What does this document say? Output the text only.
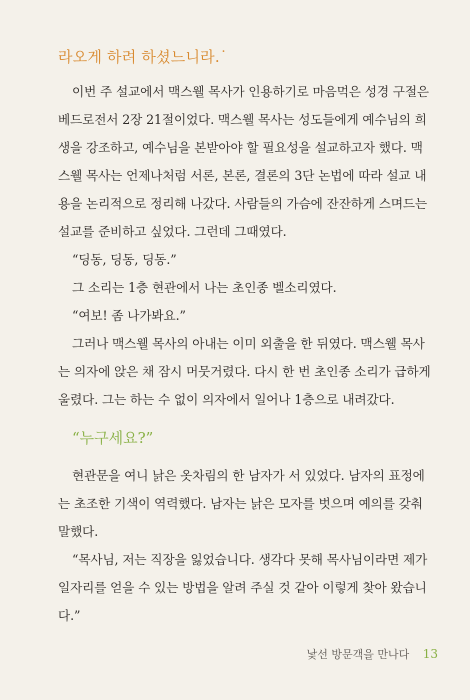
라오게 하려 하셨느니라.˙
이번 주 설교에서 맥스웰 목사가 인용하기로 마음먹은 성경 구절은
베드로전서 2장 21절이었다. 맥스웰 목사는 성도들에게 예수님의 희
생을 강조하고, 예수님을 본받아야 할 필요성을 설교하고자 했다. 맥
스웰 목사는 언제나처럼 서론, 본론, 결론의 3단 논법에 따라 설교 내
용을 논리적으로 정리해 나갔다. 사람들의 가슴에 잔잔하게 스며드는
설교를 준비하고 싶었다. 그런데 그때였다.
“딩동, 딩동, 딩동.”
그 소리는 1층 현관에서 나는 초인종 벨소리였다.
“여보! 좀 나가봐요.”
그러나 맥스웰 목사의 아내는 이미 외출을 한 뒤였다. 맥스웰 목사
는 의자에 앉은 채 잠시 머뭇거렸다. 다시 한 번 초인종 소리가 급하게
울렸다. 그는 하는 수 없이 의자에서 일어나 1층으로 내려갔다.
“누구세요?”
현관문을 여니 낡은 옷차림의 한 남자가 서 있었다. 남자의 표정에
는 초조한 기색이 역력했다. 남자는 낡은 모자를 벗으며 예의를 갖춰
말했다.
“목사님, 저는 직장을 잃었습니다. 생각다 못해 목사님이라면 제가
일자리를 얻을 수 있는 방법을 알려 주실 것 같아 이렇게 찾아 왔습니
다.”
낯선 방문객을 만나다 13
